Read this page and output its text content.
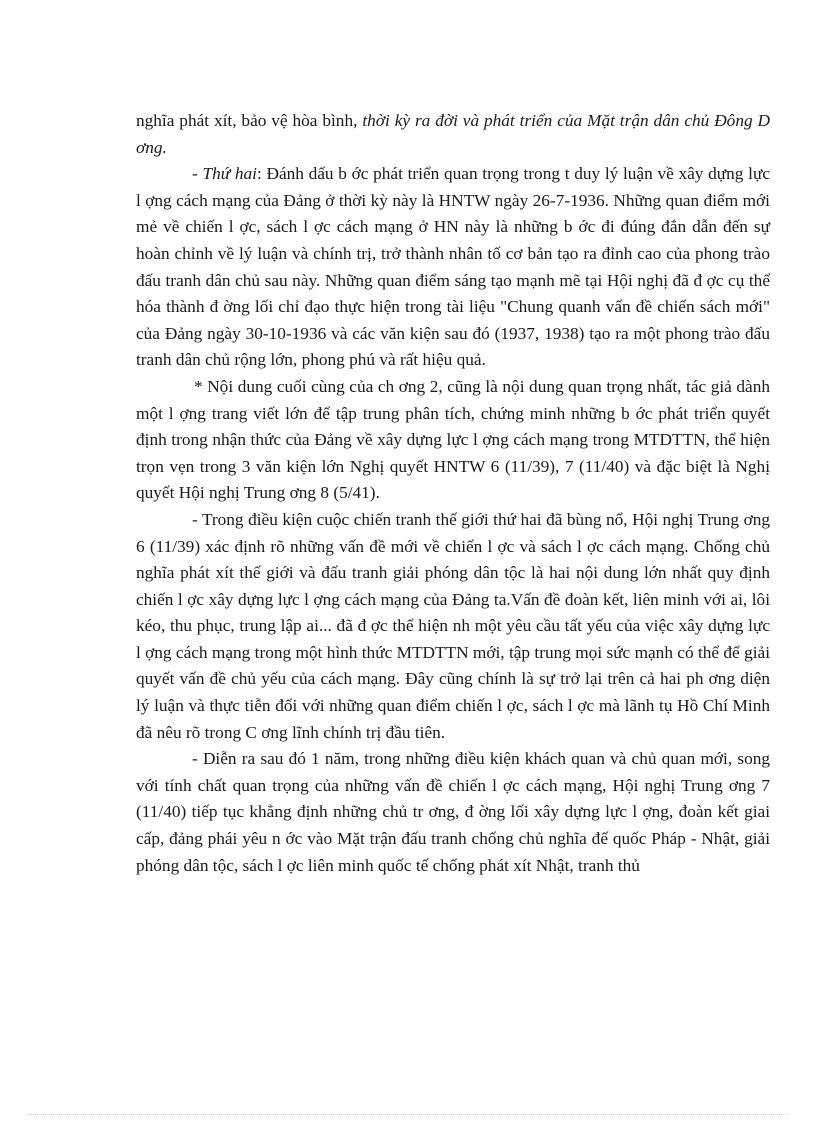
nghĩa phát xít, bảo vệ hòa bình, thời kỳ ra đời và phát triển của Mặt trận dân chủ Đông D ơng.

- Thứ hai: Đánh dấu b ớc phát triển quan trọng trong t duy lý luận về xây dựng lực l ợng cách mạng của Đảng ở thời kỳ này là HNTW ngày 26-7-1936. Những quan điểm mới mẻ về chiến l ợc, sách l ợc cách mạng ở HN này là những b ớc đi đúng đắn dẫn đến sự hoàn chỉnh về lý luận và chính trị, trở thành nhân tố cơ bản tạo ra đỉnh cao của phong trào đấu tranh dân chủ sau này. Những quan điểm sáng tạo mạnh mẽ tại Hội nghị đã đ ợc cụ thể hóa thành đ ờng lối chỉ đạo thực hiện trong tài liệu "Chung quanh vấn đề chiến sách mới" của Đảng ngày 30-10-1936 và các văn kiện sau đó (1937, 1938) tạo ra một phong trào đấu tranh dân chủ rộng lớn, phong phú và rất hiệu quả.

* Nội dung cuối cùng của ch ơng 2, cũng là nội dung quan trọng nhất, tác giả dành một l ợng trang viết lớn để tập trung phân tích, chứng minh những b ớc phát triển quyết định trong nhận thức của Đảng về xây dựng lực l ợng cách mạng trong MTDTTN, thể hiện trọn vẹn trong 3 văn kiện lớn Nghị quyết HNTW 6 (11/39), 7 (11/40) và đặc biệt là Nghị quyết Hội nghị Trung ơng 8 (5/41).

- Trong điều kiện cuộc chiến tranh thế giới thứ hai đã bùng nổ, Hội nghị Trung ơng 6 (11/39) xác định rõ những vấn đề mới về chiến l ợc và sách l ợc cách mạng. Chống chủ nghĩa phát xít thế giới và đấu tranh giải phóng dân tộc là hai nội dung lớn nhất quy định chiến l ợc xây dựng lực l ợng cách mạng của Đảng ta.Vấn đề đoàn kết, liên minh với ai, lôi kéo, thu phục, trung lập ai... đã đ ợc thể hiện nh một yêu cầu tất yếu của việc xây dựng lực l ợng cách mạng trong một hình thức MTDTTN mới, tập trung mọi sức mạnh có thể để giải quyết vấn đề chủ yếu của cách mạng. Đây cũng chính là sự trở lại trên cả hai ph ơng diện lý luận và thực tiễn đối với những quan điểm chiến l ợc, sách l ợc mà lãnh tụ Hồ Chí Minh đã nêu rõ trong C ơng lĩnh chính trị đầu tiên.

- Diễn ra sau đó 1 năm, trong những điều kiện khách quan và chủ quan mới, song với tính chất quan trọng của những vấn đề chiến l ợc cách mạng, Hội nghị Trung ơng 7 (11/40) tiếp tục khẳng định những chủ tr ơng, đ ờng lối xây dựng lực l ợng, đoàn kết giai cấp, đảng phái yêu n ớc vào Mặt trận đấu tranh chống chủ nghĩa đế quốc Pháp - Nhật, giải phóng dân tộc, sách l ợc liên minh quốc tế chống phát xít Nhật, tranh thủ
